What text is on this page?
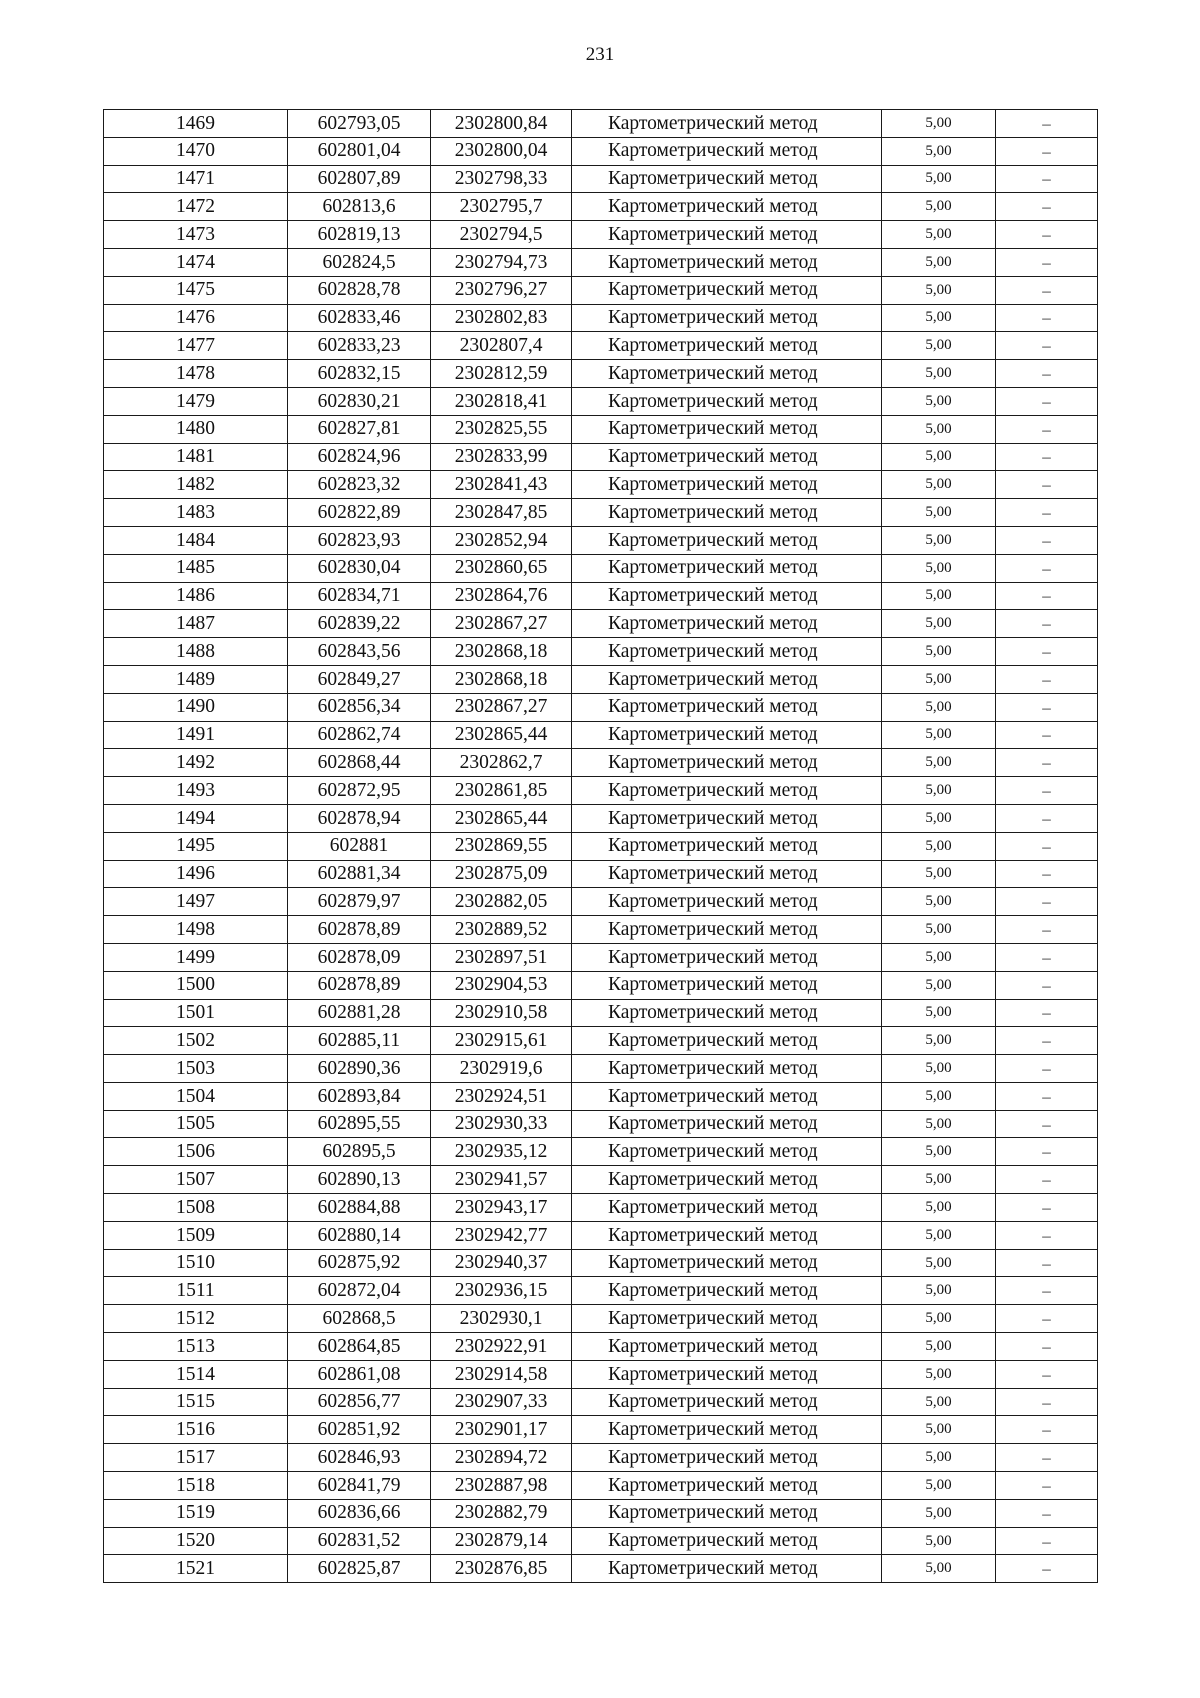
231
1469	602793,05	2302800,84	Картометрический метод	5,00	–
1470	602801,04	2302800,04	Картометрический метод	5,00	–
1471	602807,89	2302798,33	Картометрический метод	5,00	–
1472	602813,6	2302795,7	Картометрический метод	5,00	–
1473	602819,13	2302794,5	Картометрический метод	5,00	–
1474	602824,5	2302794,73	Картометрический метод	5,00	–
1475	602828,78	2302796,27	Картометрический метод	5,00	–
1476	602833,46	2302802,83	Картометрический метод	5,00	–
1477	602833,23	2302807,4	Картометрический метод	5,00	–
1478	602832,15	2302812,59	Картометрический метод	5,00	–
1479	602830,21	2302818,41	Картометрический метод	5,00	–
1480	602827,81	2302825,55	Картометрический метод	5,00	–
1481	602824,96	2302833,99	Картометрический метод	5,00	–
1482	602823,32	2302841,43	Картометрический метод	5,00	–
1483	602822,89	2302847,85	Картометрический метод	5,00	–
1484	602823,93	2302852,94	Картометрический метод	5,00	–
1485	602830,04	2302860,65	Картометрический метод	5,00	–
1486	602834,71	2302864,76	Картометрический метод	5,00	–
1487	602839,22	2302867,27	Картометрический метод	5,00	–
1488	602843,56	2302868,18	Картометрический метод	5,00	–
1489	602849,27	2302868,18	Картометрический метод	5,00	–
1490	602856,34	2302867,27	Картометрический метод	5,00	–
1491	602862,74	2302865,44	Картометрический метод	5,00	–
1492	602868,44	2302862,7	Картометрический метод	5,00	–
1493	602872,95	2302861,85	Картометрический метод	5,00	–
1494	602878,94	2302865,44	Картометрический метод	5,00	–
1495	602881	2302869,55	Картометрический метод	5,00	–
1496	602881,34	2302875,09	Картометрический метод	5,00	–
1497	602879,97	2302882,05	Картометрический метод	5,00	–
1498	602878,89	2302889,52	Картометрический метод	5,00	–
1499	602878,09	2302897,51	Картометрический метод	5,00	–
1500	602878,89	2302904,53	Картометрический метод	5,00	–
1501	602881,28	2302910,58	Картометрический метод	5,00	–
1502	602885,11	2302915,61	Картометрический метод	5,00	–
1503	602890,36	2302919,6	Картометрический метод	5,00	–
1504	602893,84	2302924,51	Картометрический метод	5,00	–
1505	602895,55	2302930,33	Картометрический метод	5,00	–
1506	602895,5	2302935,12	Картометрический метод	5,00	–
1507	602890,13	2302941,57	Картометрический метод	5,00	–
1508	602884,88	2302943,17	Картометрический метод	5,00	–
1509	602880,14	2302942,77	Картометрический метод	5,00	–
1510	602875,92	2302940,37	Картометрический метод	5,00	–
1511	602872,04	2302936,15	Картометрический метод	5,00	–
1512	602868,5	2302930,1	Картометрический метод	5,00	–
1513	602864,85	2302922,91	Картометрический метод	5,00	–
1514	602861,08	2302914,58	Картометрический метод	5,00	–
1515	602856,77	2302907,33	Картометрический метод	5,00	–
1516	602851,92	2302901,17	Картометрический метод	5,00	–
1517	602846,93	2302894,72	Картометрический метод	5,00	–
1518	602841,79	2302887,98	Картометрический метод	5,00	–
1519	602836,66	2302882,79	Картометрический метод	5,00	–
1520	602831,52	2302879,14	Картометрический метод	5,00	–
1521	602825,87	2302876,85	Картометрический метод	5,00	–
